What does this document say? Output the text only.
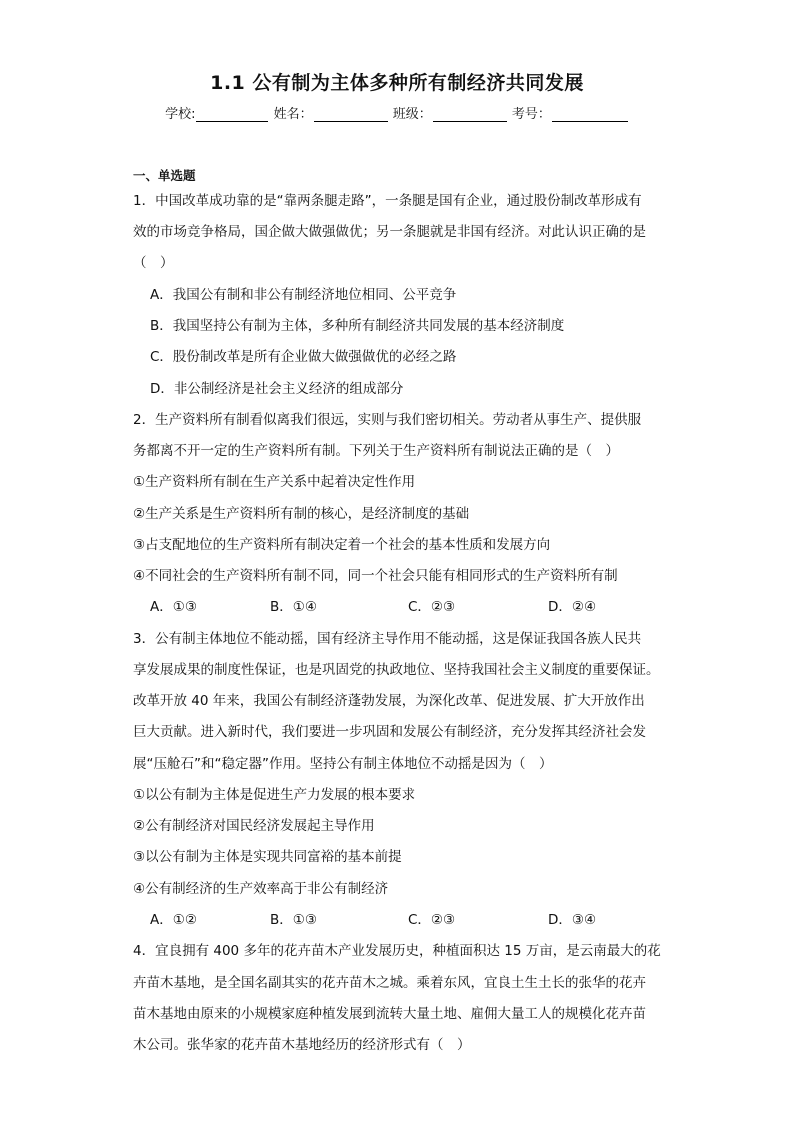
1.1 公有制为主体多种所有制经济共同发展
学校:	姓名：	班级：	考号：
一、单选题
1．中国改革成功靠的是“靠两条腿走路”，一条腿是国有企业，通过股份制改革形成有
效的市场竞争格局，国企做大做强做优；另一条腿就是非国有经济。对此认识正确的是
（　）
A．我国公有制和非公有制经济地位相同、公平竞争
B．我国坚持公有制为主体，多种所有制经济共同发展的基本经济制度
C．股份制改革是所有企业做大做强做优的必经之路
D．非公制经济是社会主义经济的组成部分
2．生产资料所有制看似离我们很远，实则与我们密切相关。劳动者从事生产、提供服
务都离不开一定的生产资料所有制。下列关于生产资料所有制说法正确的是（　）
①生产资料所有制在生产关系中起着决定性作用
②生产关系是生产资料所有制的核心，是经济制度的基础
③占支配地位的生产资料所有制决定着一个社会的基本性质和发展方向
④不同社会的生产资料所有制不同，同一个社会只能有相同形式的生产资料所有制
A．①③	B．①④	C．②③	D．②④
3．公有制主体地位不能动摇，国有经济主导作用不能动摇，这是保证我国各族人民共
享发展成果的制度性保证，也是巩固党的执政地位、坚持我国社会主义制度的重要保证。
改革开放 40 年来，我国公有制经济蓬勃发展，为深化改革、促进发展、扩大开放作出
巨大贡献。进入新时代，我们要进一步巩固和发展公有制经济，充分发挥其经济社会发
展“压舱石”和“稳定器”作用。坚持公有制主体地位不动摇是因为（　）
①以公有制为主体是促进生产力发展的根本要求
②公有制经济对国民经济发展起主导作用
③以公有制为主体是实现共同富裕的基本前提
④公有制经济的生产效率高于非公有制经济
A．①②	B．①③	C．②③	D．③④
4．宜良拥有 400 多年的花卉苗木产业发展历史，种植面积达 15 万亩，是云南最大的花
卉苗木基地，是全国名副其实的花卉苗木之城。乘着东风，宜良土生土长的张华的花卉
苗木基地由原来的小规模家庭种植发展到流转大量土地、雇佣大量工人的规模化花卉苗
木公司。张华家的花卉苗木基地经历的经济形式有（　）
